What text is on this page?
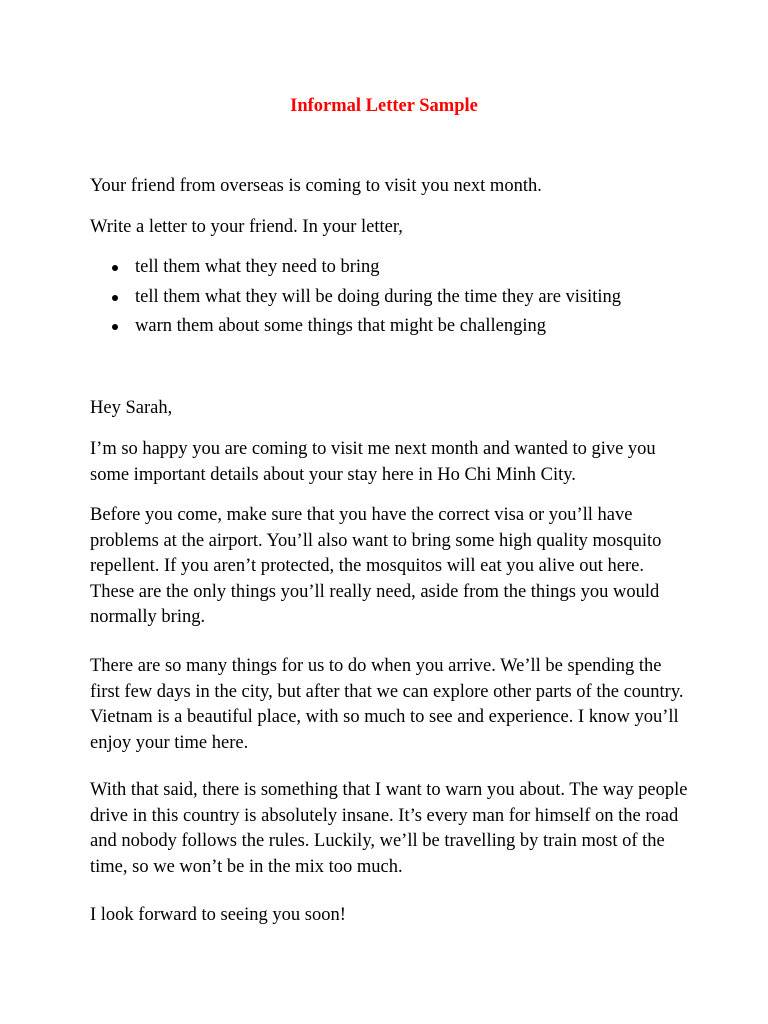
Informal Letter Sample

Your friend from overseas is coming to visit you next month.

Write a letter to your friend. In your letter,

tell them what they need to bring
tell them what they will be doing during the time they are visiting
warn them about some things that might be challenging

Hey Sarah,

I’m so happy you are coming to visit me next month and wanted to give you some important details about your stay here in Ho Chi Minh City.

Before you come, make sure that you have the correct visa or you’ll have problems at the airport. You’ll also want to bring some high quality mosquito repellent. If you aren’t protected, the mosquitos will eat you alive out here. These are the only things you’ll really need, aside from the things you would normally bring.

There are so many things for us to do when you arrive. We’ll be spending the first few days in the city, but after that we can explore other parts of the country. Vietnam is a beautiful place, with so much to see and experience. I know you’ll enjoy your time here.

With that said, there is something that I want to warn you about. The way people drive in this country is absolutely insane. It’s every man for himself on the road and nobody follows the rules. Luckily, we’ll be travelling by train most of the time, so we won’t be in the mix too much.

I look forward to seeing you soon!
